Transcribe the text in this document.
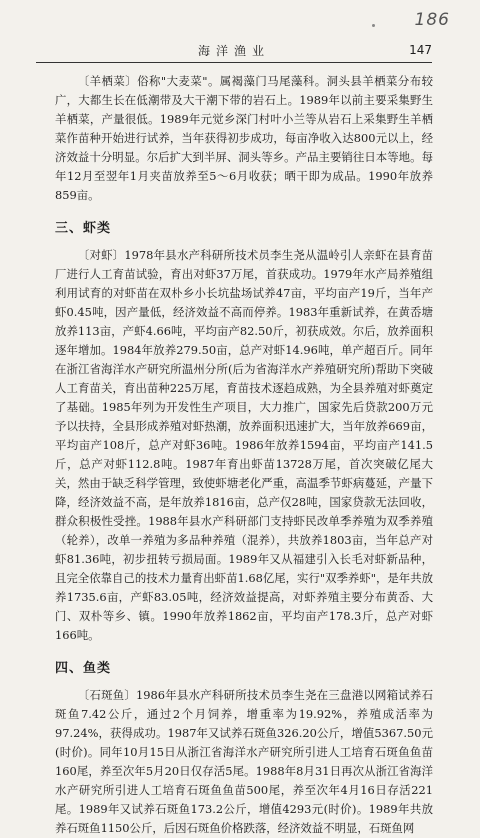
186
海洋渔业	147

〔羊栖菜〕俗称"大麦菜"。属褐藻门马尾藻科。洞头县羊栖菜分布较广，大都生长在低潮带及大干潮下带的岩石上。1989年以前主要采集野生羊栖菜，产量很低。1989年元觉乡深门村叶小兰等从岩石上采集野生羊栖菜作苗种开始进行试养，当年获得初步成功，每亩净收入达800元以上，经济效益十分明显。尔后扩大到半屏、洞头等乡。产品主要销往日本等地。每年12月至翌年1月夹苗放养至5～6月收获；晒干即为成品。1990年放养859亩。

三、虾类

〔对虾〕1978年县水产科研所技术员李生尧从温岭引人亲虾在县育苗厂进行人工育苗试验，育出对虾37万尾，首获成功。1979年水产局养殖组利用试育的对虾苗在双朴乡小长坑盐场试养47亩，平均亩产19斤，当年产虾0.45吨，因产量低，经济效益不高而停养。1983年重新试养，在黄岙塘放养113亩，产虾4.66吨，平均亩产82.50斤，初获成效。尔后，放养面积逐年增加。1984年放养279.50亩，总产对虾14.96吨，单产超百斤。同年在浙江省海洋水产研究所温州分所(后为省海洋水产养殖研究所)帮助下突破人工育苗关，育出苗种225万尾，育苗技术逐趋成熟，为全县养殖对虾奠定了基础。1985年列为开发性生产项目，大力推广，国家先后贷款200万元予以扶持，全县形成养殖对虾热潮，放养面积迅速扩大，当年放养669亩，平均亩产108斤，总产对虾36吨。1986年放养1594亩，平均亩产141.5斤，总产对虾112.8吨。1987年育出虾苗13728万尾，首次突破亿尾大关，然由于缺乏科学管理，致使虾塘老化严重，高温季节虾病蔓延，产量下降，经济效益不高，是年放养1816亩，总产仅28吨，国家贷款无法回收，群众积极性受挫。1988年县水产科研部门支持虾民改单季养殖为双季养殖（轮养），改单一养殖为多品种养殖（混养），共放养1803亩，当年总产对虾81.36吨，初步扭转亏损局面。1989年又从福建引入长毛对虾新品种，且完全依靠自己的技术力量育出虾苗1.68亿尾，实行"双季养虾"，是年共放养1735.6亩，产虾83.05吨，经济效益提高，对虾养殖主要分布黄岙、大门、双朴等乡、镇。1990年放养1862亩，平均亩产178.3斤，总产对虾166吨。

四、鱼类

〔石斑鱼〕1986年县水产科研所技术员李生尧在三盘港以网箱试养石斑鱼7.42公斤，通过2个月饲养，增重率为19.92%，养殖成活率为97.24%，获得成功。1987年又试养石斑鱼326.20公斤，增值5367.50元(时价)。同年10月15日从浙江省海洋水产研究所引进人工培育石斑鱼鱼苗160尾，养至次年5月20日仅存活5尾。1988年8月31日再次从浙江省海洋水产研究所引进人工培育石斑鱼鱼苗500尾，养至次年4月16日存活221尾。1989年又试养石斑鱼173.2公斤，增值4293元(时价)。1989年共放养石斑鱼1150公斤，后因石斑鱼价格跌落，经济效益不明显，石斑鱼网
